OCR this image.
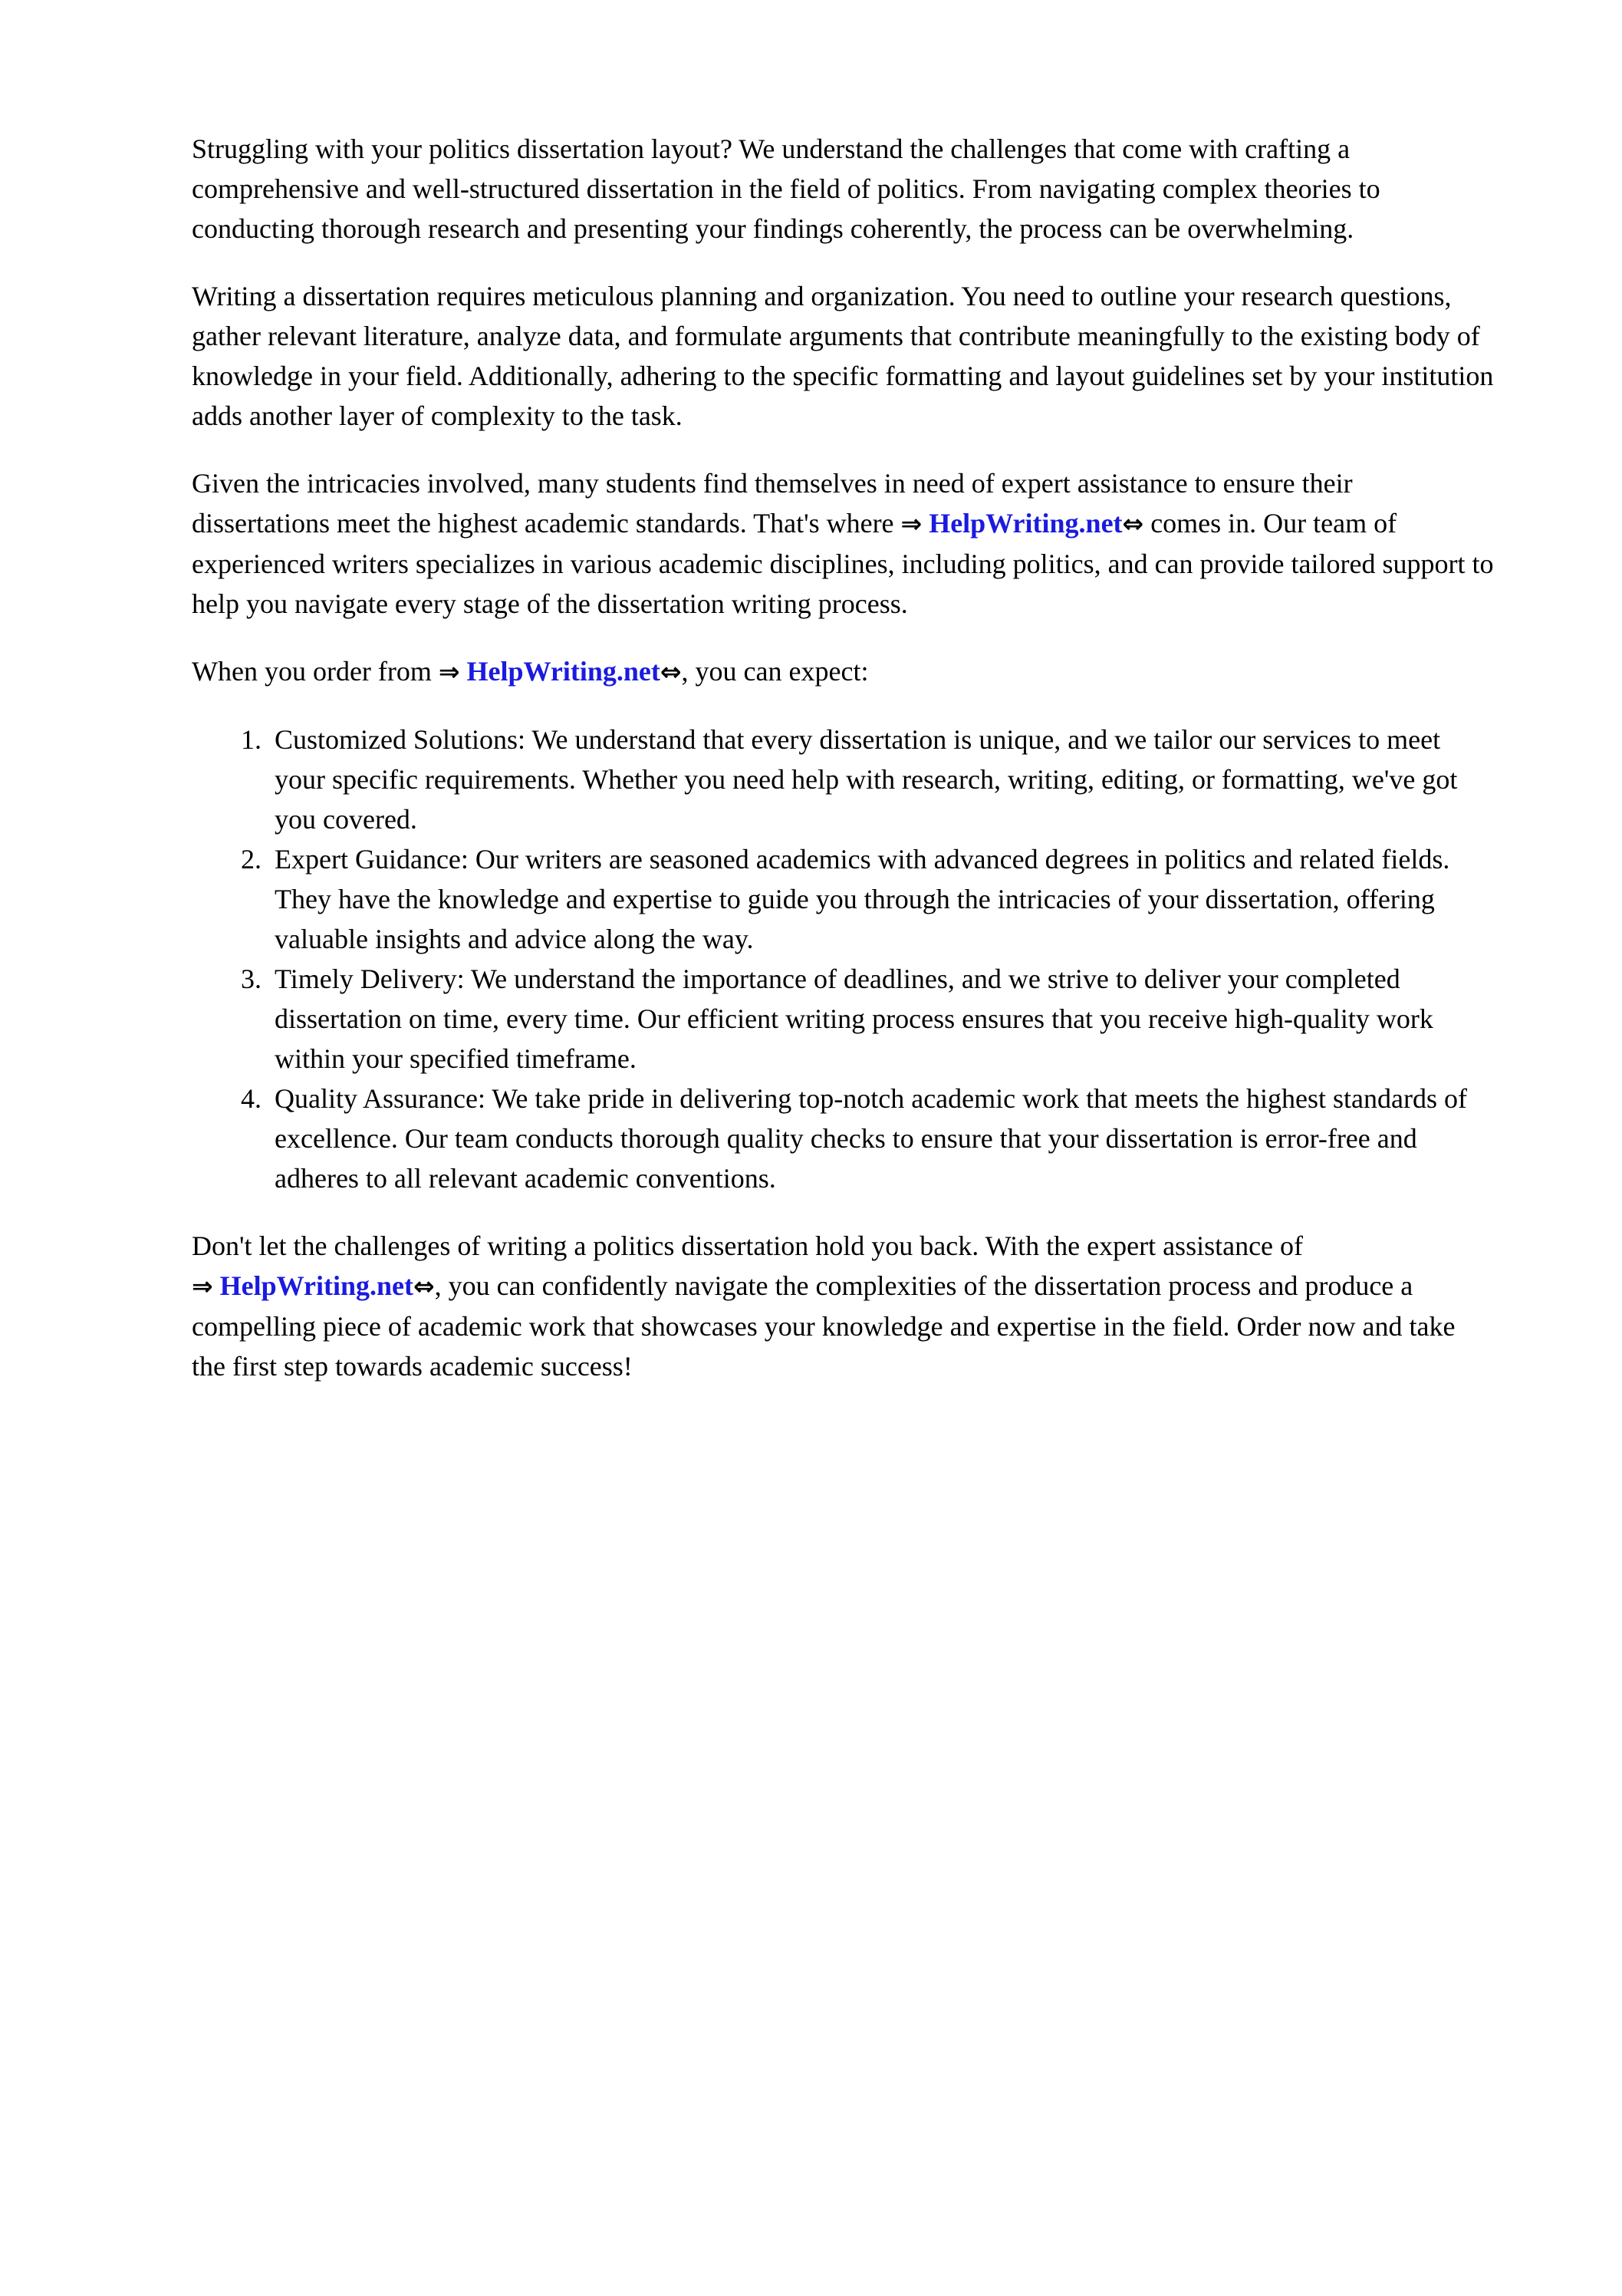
Struggling with your politics dissertation layout? We understand the challenges that come with crafting a comprehensive and well-structured dissertation in the field of politics. From navigating complex theories to conducting thorough research and presenting your findings coherently, the process can be overwhelming.

Writing a dissertation requires meticulous planning and organization. You need to outline your research questions, gather relevant literature, analyze data, and formulate arguments that contribute meaningfully to the existing body of knowledge in your field. Additionally, adhering to the specific formatting and layout guidelines set by your institution adds another layer of complexity to the task.

Given the intricacies involved, many students find themselves in need of expert assistance to ensure their dissertations meet the highest academic standards. That's where ⇒ HelpWriting.net⇔ comes in. Our team of experienced writers specializes in various academic disciplines, including politics, and can provide tailored support to help you navigate every stage of the dissertation writing process.

When you order from ⇒ HelpWriting.net⇔, you can expect:

1. Customized Solutions: We understand that every dissertation is unique, and we tailor our services to meet your specific requirements. Whether you need help with research, writing, editing, or formatting, we've got you covered.
2. Expert Guidance: Our writers are seasoned academics with advanced degrees in politics and related fields. They have the knowledge and expertise to guide you through the intricacies of your dissertation, offering valuable insights and advice along the way.
3. Timely Delivery: We understand the importance of deadlines, and we strive to deliver your completed dissertation on time, every time. Our efficient writing process ensures that you receive high-quality work within your specified timeframe.
4. Quality Assurance: We take pride in delivering top-notch academic work that meets the highest standards of excellence. Our team conducts thorough quality checks to ensure that your dissertation is error-free and adheres to all relevant academic conventions.

Don't let the challenges of writing a politics dissertation hold you back. With the expert assistance of ⇒ HelpWriting.net⇔, you can confidently navigate the complexities of the dissertation process and produce a compelling piece of academic work that showcases your knowledge and expertise in the field. Order now and take the first step towards academic success!
